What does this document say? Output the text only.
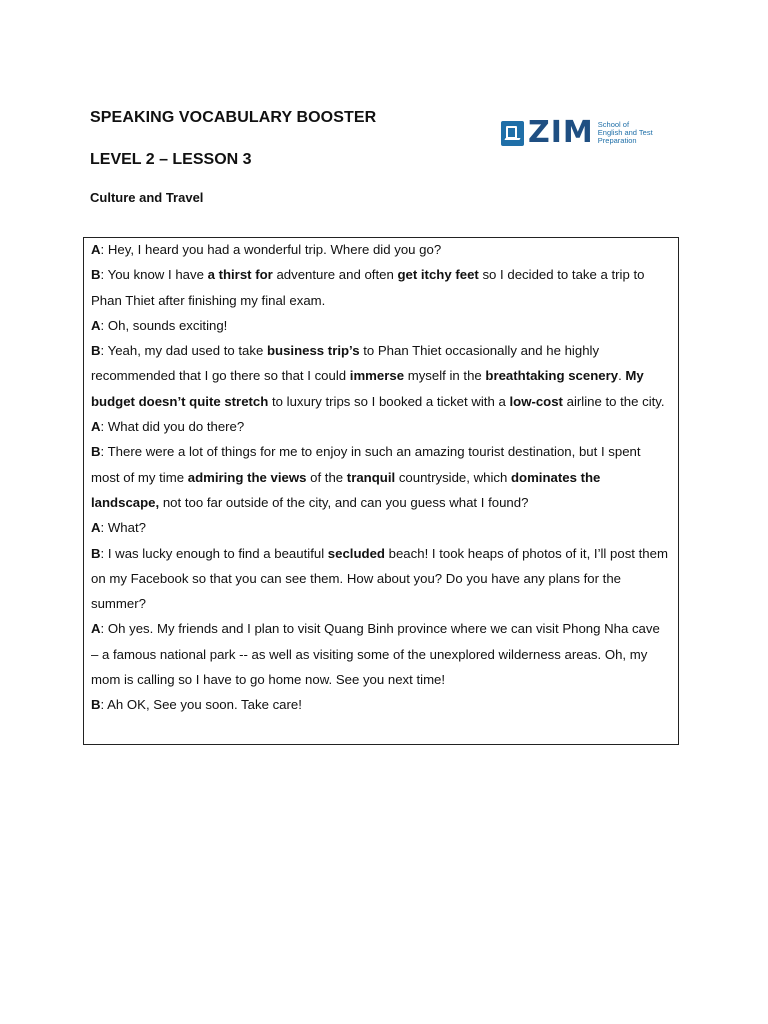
SPEAKING VOCABULARY BOOSTER
LEVEL 2 – LESSON 3
Culture and Travel
ZIM School of
English and Test
Preparation
A: Hey, I heard you had a wonderful trip. Where did you go?
B: You know I have a thirst for adventure and often get itchy feet so I decided to take a trip to Phan Thiet after finishing my final exam.
A: Oh, sounds exciting!
B: Yeah, my dad used to take business trip’s to Phan Thiet occasionally and he highly recommended that I go there so that I could immerse myself in the breathtaking scenery. My budget doesn’t quite stretch to luxury trips so I booked a ticket with a low-cost airline to the city.
A: What did you do there?
B: There were a lot of things for me to enjoy in such an amazing tourist destination, but I spent most of my time admiring the views of the tranquil countryside, which dominates the landscape, not too far outside of the city, and can you guess what I found?
A: What?
B: I was lucky enough to find a beautiful secluded beach! I took heaps of photos of it, I’ll post them on my Facebook so that you can see them. How about you? Do you have any plans for the summer?
A: Oh yes. My friends and I plan to visit Quang Binh province where we can visit Phong Nha cave – a famous national park -- as well as visiting some of the unexplored wilderness areas. Oh, my mom is calling so I have to go home now. See you next time!
B: Ah OK, See you soon. Take care!
